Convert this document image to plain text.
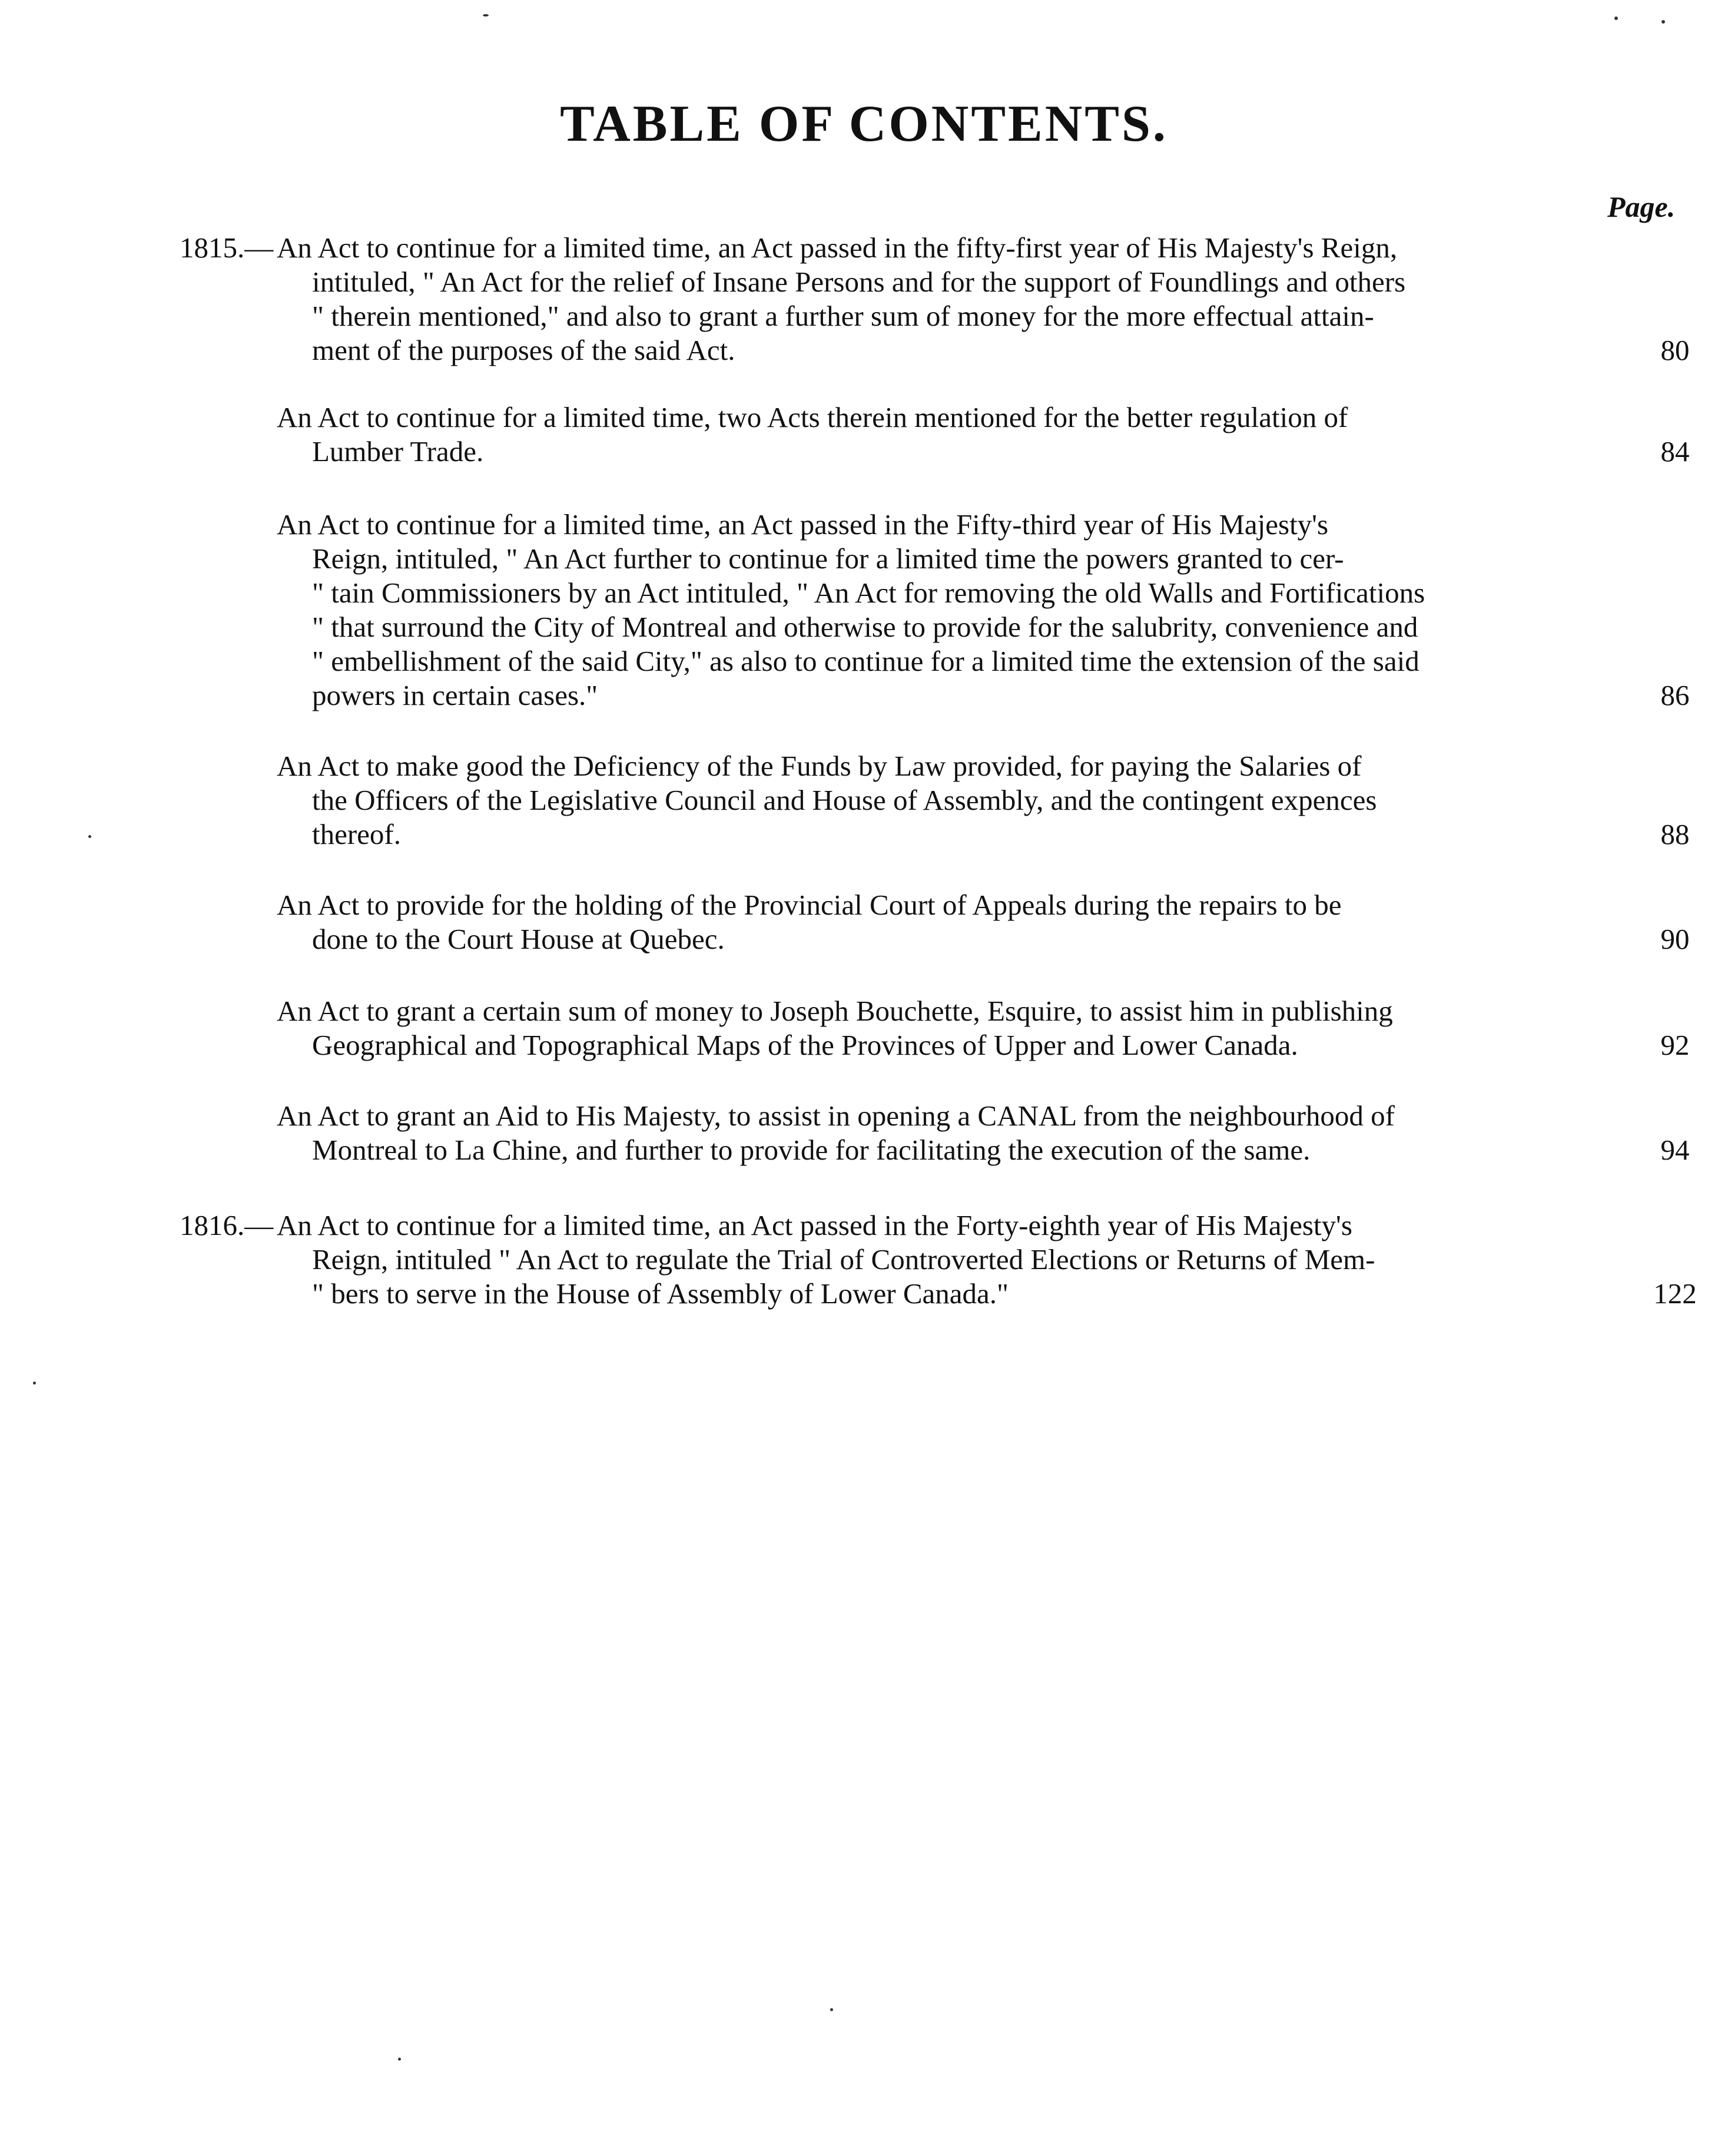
TABLE OF CONTENTS.
Page.
1815.— An Act to continue for a limited time, an Act passed in the fifty-first year of His Majesty's Reign,
intituled, " An Act for the relief of Insane Persons and for the support of Foundlings and others
" therein mentioned," and also to grant a further sum of money for the more effectual attain-
ment of the purposes of the said Act.	80
An Act to continue for a limited time, two Acts therein mentioned for the better regulation of
Lumber Trade.	84
An Act to continue for a limited time, an Act passed in the Fifty-third year of His Majesty's
Reign, intituled, " An Act further to continue for a limited time the powers granted to cer-
" tain Commissioners by an Act intituled, " An Act for removing the old Walls and Fortifications
" that surround the City of Montreal and otherwise to provide for the salubrity, convenience and
" embellishment of the said City," as also to continue for a limited time the extension of the said
powers in certain cases."	86
An Act to make good the Deficiency of the Funds by Law provided, for paying the Salaries of
the Officers of the Legislative Council and House of Assembly, and the contingent expences
thereof.	88
An Act to provide for the holding of the Provincial Court of Appeals during the repairs to be
done to the Court House at Quebec.	90
An Act to grant a certain sum of money to Joseph Bouchette, Esquire, to assist him in publishing
Geographical and Topographical Maps of the Provinces of Upper and Lower Canada.	92
An Act to grant an Aid to His Majesty, to assist in opening a CANAL from the neighbourhood of
Montreal to La Chine, and further to provide for facilitating the execution of the same.	94
1816.— An Act to continue for a limited time, an Act passed in the Forty-eighth year of His Majesty's
Reign, intituled " An Act to regulate the Trial of Controverted Elections or Returns of Mem-
" bers to serve in the House of Assembly of Lower Canada."	122
